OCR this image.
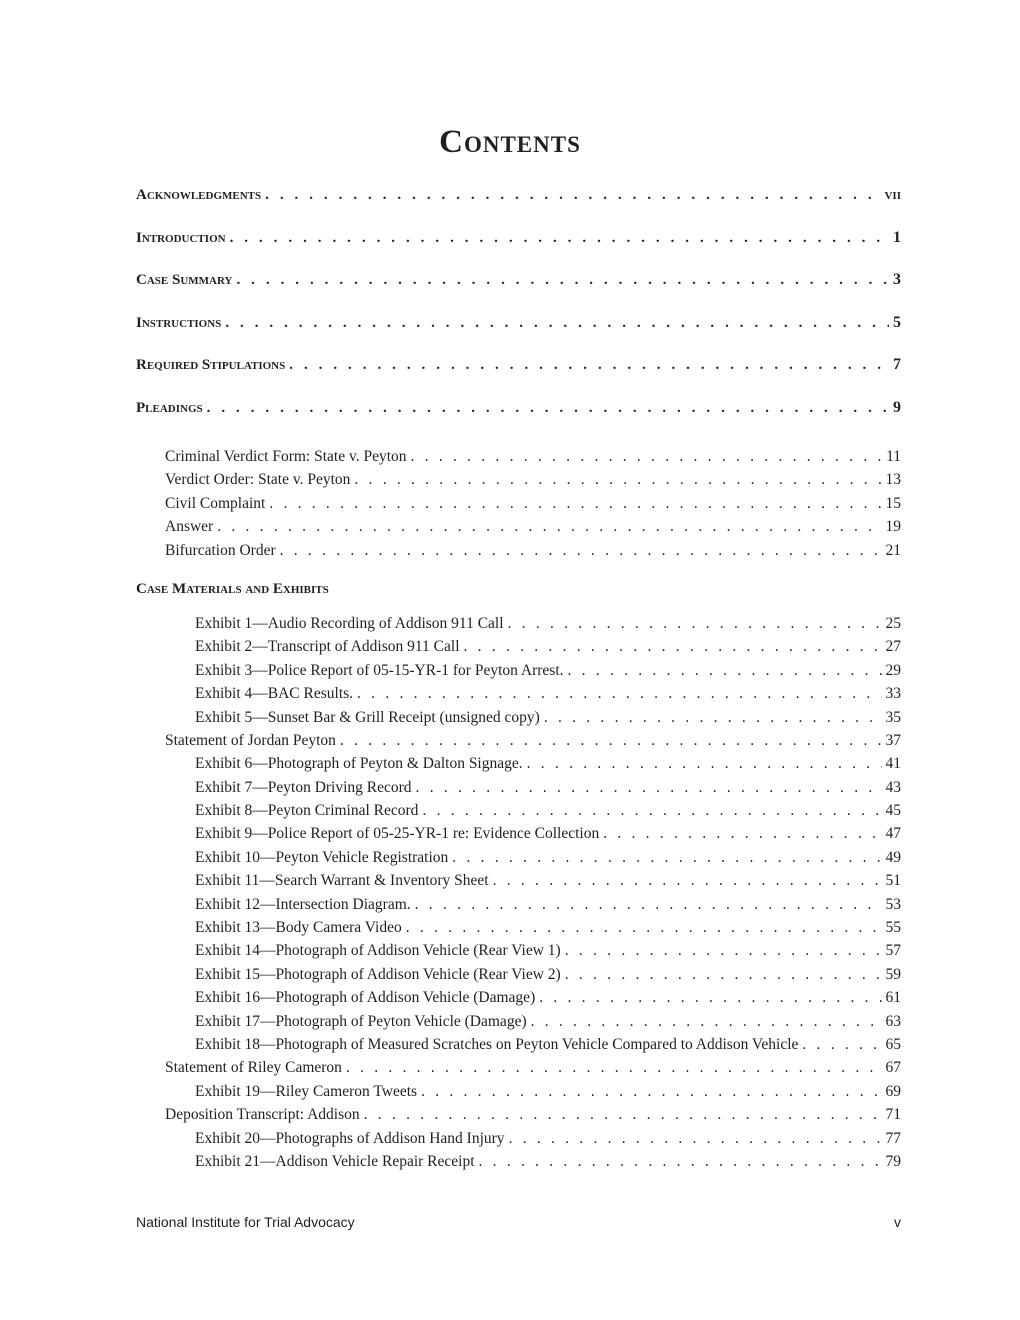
Contents
Acknowledgments . . .	vii
Introduction . . .	1
Case Summary . . .	3
Instructions . . .	5
Required Stipulations . . .	7
Pleadings . . .	9
Criminal Verdict Form: State v. Peyton . . .	11
Verdict Order: State v. Peyton . . .	13
Civil Complaint . . .	15
Answer . . .	19
Bifurcation Order . . .	21
Case Materials and Exhibits
Exhibit 1—Audio Recording of Addison 911 Call . . .	25
Exhibit 2—Transcript of Addison 911 Call . . .	27
Exhibit 3—Police Report of 05-15-YR-1 for Peyton Arrest. . . .	29
Exhibit 4—BAC Results. . . .	33
Exhibit 5—Sunset Bar & Grill Receipt (unsigned copy) . . .	35
Statement of Jordan Peyton . . .	37
Exhibit 6—Photograph of Peyton & Dalton Signage. . . .	41
Exhibit 7—Peyton Driving Record . . .	43
Exhibit 8—Peyton Criminal Record . . .	45
Exhibit 9—Police Report of 05-25-YR-1 re: Evidence Collection . . .	47
Exhibit 10—Peyton Vehicle Registration . . .	49
Exhibit 11—Search Warrant & Inventory Sheet . . .	51
Exhibit 12—Intersection Diagram. . . .	53
Exhibit 13—Body Camera Video . . .	55
Exhibit 14—Photograph of Addison Vehicle (Rear View 1) . . .	57
Exhibit 15—Photograph of Addison Vehicle (Rear View 2) . . .	59
Exhibit 16—Photograph of Addison Vehicle (Damage) . . .	61
Exhibit 17—Photograph of Peyton Vehicle (Damage) . . .	63
Exhibit 18—Photograph of Measured Scratches on Peyton Vehicle Compared to Addison Vehicle . . .	65
Statement of Riley Cameron . . .	67
Exhibit 19—Riley Cameron Tweets . . .	69
Deposition Transcript: Addison . . .	71
Exhibit 20—Photographs of Addison Hand Injury . . .	77
Exhibit 21—Addison Vehicle Repair Receipt . . .	79
National Institute for Trial Advocacy	v
